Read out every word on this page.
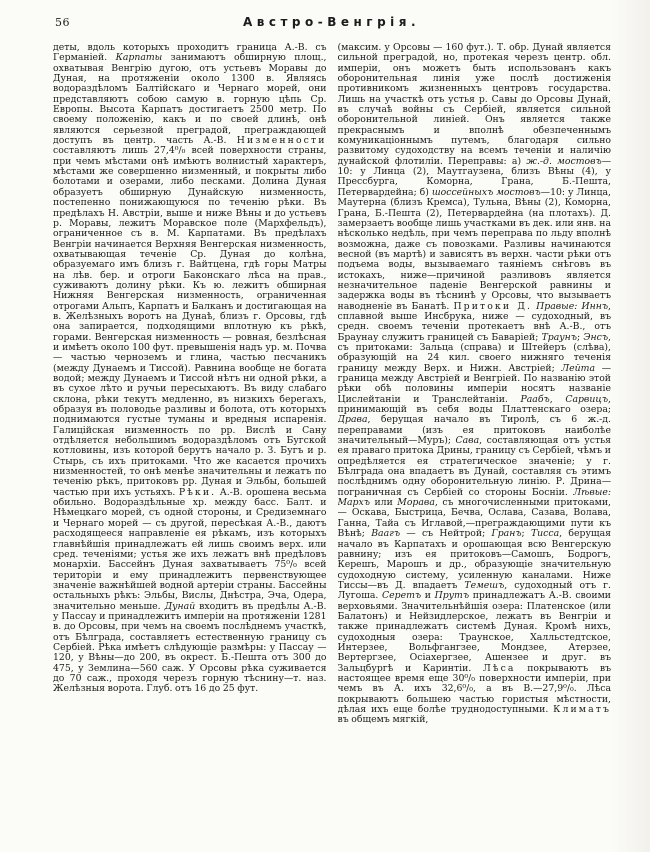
56	Австро-Венгрія.
деты, вдоль которыхъ проходитъ граница А.-В. съ Германіей. Карпаты занимаютъ обширную площ., охватывая Венгрію дугою, отъ устьевъ Моравы до Дуная, на протяженіи около 1300 в. Являясь водораздѣломъ Балтійскаго и Чернаго морей, они представляютъ собою самую в. горную цѣпь Ср. Европы. Высота Карпатъ достигаетъ 2500 метр. По своему положенію, какъ и по своей длинѣ, онѣ являются серьезной преградой, преграждающей доступъ въ центр. часть А.-В. Низменности составляютъ лишь 27,4⁰/₀ всей поверхности страны, при чемъ мѣстами онѣ имѣютъ волнистый характеръ, мѣстами же совершенно низменный, и покрыты либо болотами и озерами, либо песками. Долина Дуная образуетъ обширную Дунайскую низменность, постепенно понижающуюся по теченію рѣки. Въ предѣлахъ Н. Австріи, выше и ниже Вѣны и до устьевъ р. Моравы, лежитъ Моравское поле (Мархфельдъ), ограниченное съ в. М. Карпатами. Въ предѣлахъ Венгріи начинается Верхняя Венгерская низменность, охватывающая теченіе Ср. Дуная до колѣна, образуемаго имъ близъ г. Вайтцена, гдѣ горы Матры на лѣв. бер. и отроги Баконскаго лѣса на прав., суживаютъ долину рѣки. Къ ю. лежитъ обширная Нижняя Венгерская низменность, ограниченная отрогами Альпъ, Карпатъ и Балканъ и достигающая на в. Желѣзныхъ воротъ на Дунаѣ, близъ г. Орсовы, гдѣ она запирается, подходящими вплотную къ рѣкѣ, горами. Венгерская низменность — ровная, безлѣсная и имѣетъ около 100 фут. превышенія надъ ур. м. Почва — частью черноземъ и глина, частью песчаникъ (между Дунаемъ и Тиссой). Равнина вообще не богата водой; между Дунаемъ и Тиссой нѣтъ ни одной рѣки, а въ сухое лѣто и ручьи пересыхаютъ. Въ виду слабаго склона, рѣки текутъ медленно, въ низкихъ берегахъ, образуя въ половодье разливы и болота, отъ которыхъ поднимаются густые туманы и вредныя испаренія. Галиційская низменность по рр. Вислѣ и Сану отдѣляется небольшимъ водораздѣломъ отъ Бугской котловины, изъ которой берутъ начало р. З. Бугъ и р. Стырь, съ ихъ притоками. Что же касается прочихъ низменностей, то онѣ менѣе значительны и лежатъ по теченію рѣкъ, притоковъ рр. Дуная и Эльбы, большей частью при ихъ устьяхъ. Рѣки. А.-В. орошена весьма обильно. Водораздѣльные хр. между басс. Балт. и Нѣмецкаго морей, съ одной стороны, и Средиземнаго и Чернаго морей — съ другой, пересѣкая А.-В., даютъ расходящееся направленіе ея рѣкамъ, изъ которыхъ главнѣйшія принадлежатъ ей лишь своимъ верх. или сред. теченіями; устья же ихъ лежатъ внѣ предѣловъ монархіи. Бассейнъ Дуная захватываетъ 75⁰/₀ всей територіи и ему принадлежитъ первенствующее значеніе важнѣйшей водной артеріи страны. Бассейны остальныхъ рѣкъ: Эльбы, Вислы, Днѣстра, Эча, Одера, значительно меньше. Дунай входитъ въ предѣлы А.-В. у Пассау и принадлежитъ имперіи на протяженіи 1281 в. до Орсовы, при чемъ на своемъ послѣднемъ участкѣ, отъ Бѣлграда, составляетъ естественную границу съ Сербіей. Рѣка имѣетъ слѣдующіе размѣры: у Пассау — 120, у Вѣны—до 200, въ окрест. Б.-Пешта отъ 300 до 475, у Землина—560 саж. У Орсовы рѣка суживается до 70 саж., проходя черезъ горную тѣснину—т. наз. Желѣзныя ворота. Глуб. отъ 16 до 25 фут.
(максим. у Орсовы — 160 фут.). Т. обр. Дунай является сильной преградой, но, протекая черезъ центр. обл. имперіи, онъ можетъ быть использованъ какъ оборонительная линія уже послѣ достиженія противникомъ жизненныхъ центровъ государства. Лишь на участкѣ отъ устья р. Савы до Орсовы Дунай, въ случаѣ войны съ Сербіей, является сильной оборонительной линіей. Онъ является также прекраснымъ и вполнѣ обезпеченнымъ комуникаціоннымъ путемъ, благодаря сильно развитому судоходству на всемъ теченіи и наличію дунайской флотиліи. Переправы: а) ж.-д. мостовъ—10: у Линца (2), Маутгаузена, близъ Вѣны (4), у Прессбурга, Коморна, Грана, Б.-Пешта, Петервардейна; б) шоссейныхъ мостовъ—10: у Линца, Маутерна (близъ Кремса), Тульна, Вѣны (2), Коморна, Грана, Б.-Пешта (2), Петервардейна (на плотахъ). Д. замерзаетъ вообще лишь участками въ дек. или янв. на нѣсколько недѣль, при чемъ переправа по льду вполнѣ возможна, даже съ повозками. Разливы начинаются весной (въ мартѣ) и зависятъ въ верхн. части рѣки отъ подъема воды, вызываемаго таяніемъ снѣговъ въ истокахъ, ниже—причиной разливовъ является незначительное паденіе Венгерской равнины и задержка воды въ тѣснинѣ у Орсовы, что вызываетъ наводненіе въ Банатѣ. Притоки Д. Правые: Иннъ, сплавной выше Инсбрука, ниже — судоходный, въ средн. своемъ теченіи протекаетъ внѣ А.-В., отъ Браунау служитъ границей съ Баваріей; Траунъ; Энсъ, съ притоками: Зальца (справа) и Штейеръ (слѣва), образующій на 24 кил. своего нижняго теченія границу между Верх. и Нижн. Австріей; Лейта — граница между Австріей и Венгріей. По названію этой рѣки обѣ половины имперіи носятъ названіе Цислейтаніи и Транслейтаніи. Раабъ, Сарвицъ, принимающій въ себя воды Платтенскаго озера; Драва, берущая начало въ Тиролѣ, съ 6 ж.-д. переправами (изъ ея притоковъ наиболѣе значительный—Муръ); Сава, составляющая отъ устья ея праваго притока Дрины, границу съ Сербіей, чѣмъ и опредѣляется ея стратегическое значеніе; у г. Бѣлграда она впадаетъ въ Дунай, составляя съ этимъ послѣднимъ одну оборонительную линію. Р. Дрина—пограничная съ Сербіей со стороны Босніи. Лѣвые: Мархъ или Морава, съ многочисленными притоками, — Оскава, Быстрица, Бечва, Ослава, Сазава, Волава, Ганна, Тайа съ Иглавой,—преграждающими пути къ Вѣнѣ; Ваагъ — съ Нейтрой; Гранъ; Тисса, берущая начало въ Карпатахъ и орошающая всю Венгерскую равнину; изъ ея притоковъ—Самошъ, Бодрогъ, Керешъ, Марошъ и др., образующіе значительную судоходную систему, усиленную каналами. Ниже Тиссы—въ Д. впадаетъ Темешъ, судоходный отъ г. Лугоша. Серетъ и Прутъ принадлежатъ А.-В. своими верховьями. Значительнѣйшія озера: Платенское (или Балатонъ) и Нейзидлерское, лежатъ въ Венгріи и также принадлежатъ системѣ Дуная. Кромѣ нихъ, судоходныя озера: Траунское, Халльстедтское, Интерзее, Вольфгангзее, Мондзее, Атерзее, Вертергзее, Осіахергзее, Ашензее и друг. въ Зальцбургѣ и Каринтіи. Лѣса покрываютъ въ настоящее время еще 30⁰/₀ поверхности имперіи, при чемъ въ А. ихъ 32,6⁰/₀, а въ В.—27,9⁰/₀. Лѣса покрываютъ большею частью гористыя мѣстности, дѣлая ихъ еще болѣе труднодоступными. Климатъ въ общемъ мягкій,
